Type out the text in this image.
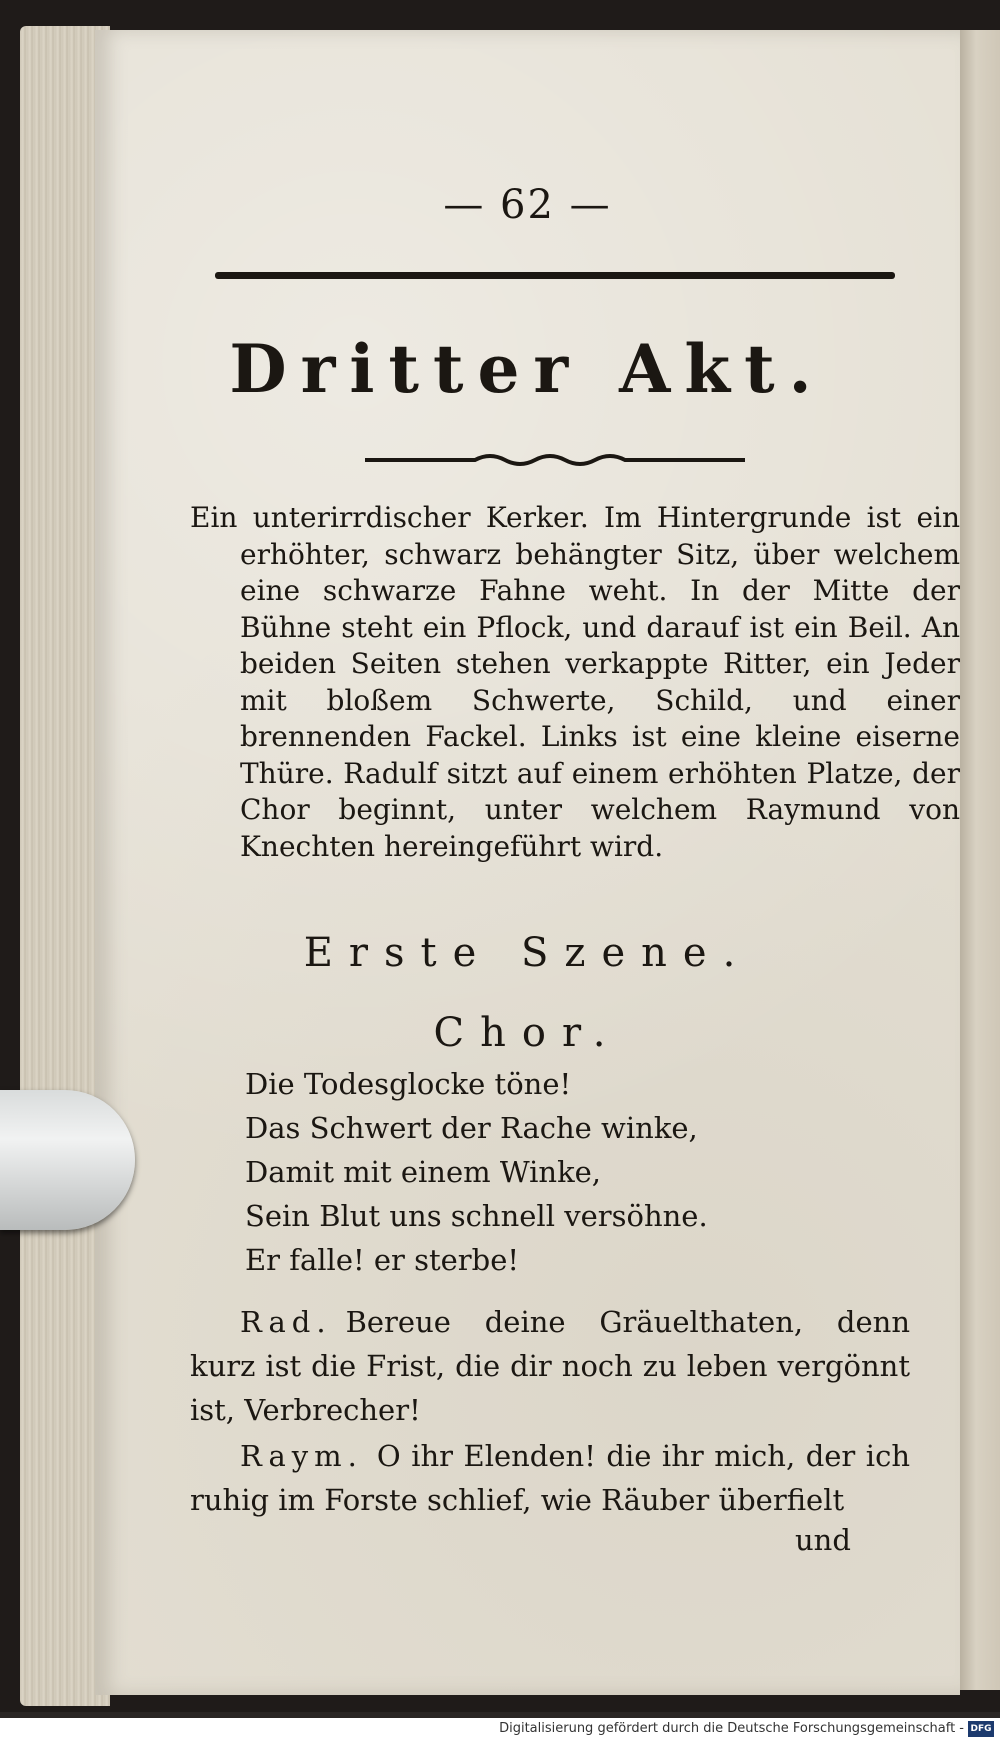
— 62 —
Dritter Akt.
Ein unterirrdischer Kerker. Im Hintergrunde ist ein erhöhter, schwarz behängter Sitz, über welchem eine schwarze Fahne weht. In der Mitte der Bühne steht ein Pflock, und darauf ist ein Beil. An beiden Seiten stehen verkappte Ritter, ein Jeder mit bloßem Schwerte, Schild, und einer brennenden Fackel. Links ist eine kleine eiserne Thüre. Radulf sitzt auf einem erhöhten Platze, der Chor beginnt, unter welchem Raymund von Knechten hereingeführt wird.
Erste Szene.
Chor.
Die Todesglocke töne!
Das Schwert der Rache winke,
Damit mit einem Winke,
Sein Blut uns schnell versöhne.
Er falle! er sterbe!
Rad. Bereue deine Gräuelthaten, denn kurz ist die Frist, die dir noch zu leben vergönnt ist, Verbrecher!
Raym. O ihr Elenden! die ihr mich, der ich ruhig im Forste schlief, wie Räuber überfielt
und
Digitalisierung gefördert durch die Deutsche Forschungsgemeinschaft - DFG
